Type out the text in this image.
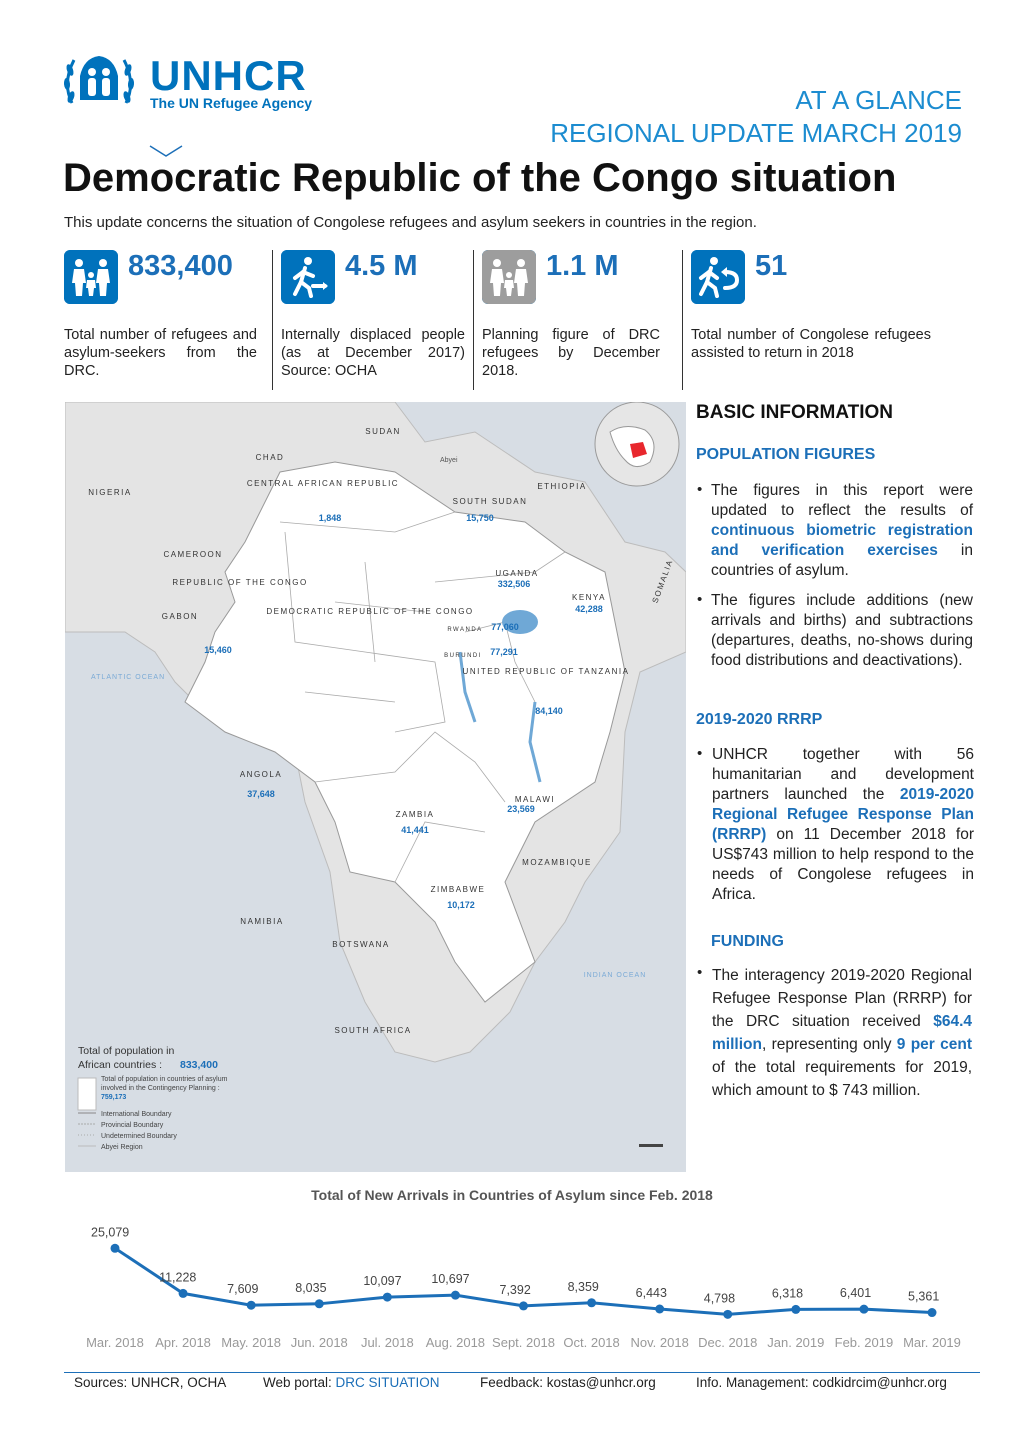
UNHCR
The UN Refugee Agency	AT A GLANCE
REGIONAL UPDATE MARCH 2019
Democratic Republic of the Congo situation
This update concerns the situation of Congolese refugees and asylum seekers in countries in the region.
833,400
Total number of refugees and asylum-seekers from the DRC.
4.5 M
Internally displaced people (as at December 2017) Source: OCHA
1.1 M
Planning figure of DRC refugees by December 2018.
51
Total number of Congolese refugees assisted to return in 2018
SUDAN
CHAD
NIGERIA
CENTRAL AFRICAN REPUBLIC
SOUTH SUDAN
ETHIOPIA
CAMEROON
REPUBLIC OF THE CONGO
GABON
UGANDA
KENYA	SOMALIA
DEMOCRATIC REPUBLIC OF THE CONGO
RWANDA
BURUNDI
UNITED REPUBLIC OF TANZANIA
ANGOLA
ZAMBIA
MALAWI
MOZAMBIQUE
ZIMBABWE
NAMIBIA
BOTSWANA
SOUTH AFRICA
1,848	15,750
15,460
332,506
42,288
77,060
77,291
84,140
37,648
41,441
23,569
10,172
Abyei
ATLANTIC OCEAN
INDIAN OCEAN
Total of population in
African countries : 833,400
Total of population in countries of asylum involved in the Contingency Planning : 759,173
International Boundary
Provincial Boundary
Undetermined Boundary
Abyei Region
BASIC INFORMATION
POPULATION FIGURES
• The figures in this report were updated to reflect the results of continuous biometric registration and verification exercises in countries of asylum.
• The figures include additions (new arrivals and births) and subtractions (departures, deaths, no-shows during food distributions and deactivations).
2019-2020 RRRP
• UNHCR together with 56 humanitarian and development partners launched the 2019-2020 Regional Refugee Response Plan (RRRP) on 11 December 2018 for US$743 million to help respond to the needs of Congolese refugees in Africa.
FUNDING
• The interagency 2019-2020 Regional Refugee Response Plan (RRRP) for the DRC situation received $64.4 million, representing only 9 per cent of the total requirements for 2019, which amount to $ 743 million.
Total of New Arrivals in Countries of Asylum since Feb. 2018
25,079
Mar. 2018
11,228
Apr. 2018
7,609
May. 2018
8,035
Jun. 2018
10,097
Jul. 2018
10,697
Aug. 2018
7,392
Sept. 2018
8,359
Oct. 2018
6,443
Nov. 2018
4,798
Dec. 2018
6,318
Jan. 2019
6,401
Feb. 2019
5,361
Mar. 2019
Sources: UNHCR, OCHA	Web portal: DRC SITUATION	Feedback: kostas@unhcr.org	Info. Management: codkidrcim@unhcr.org
